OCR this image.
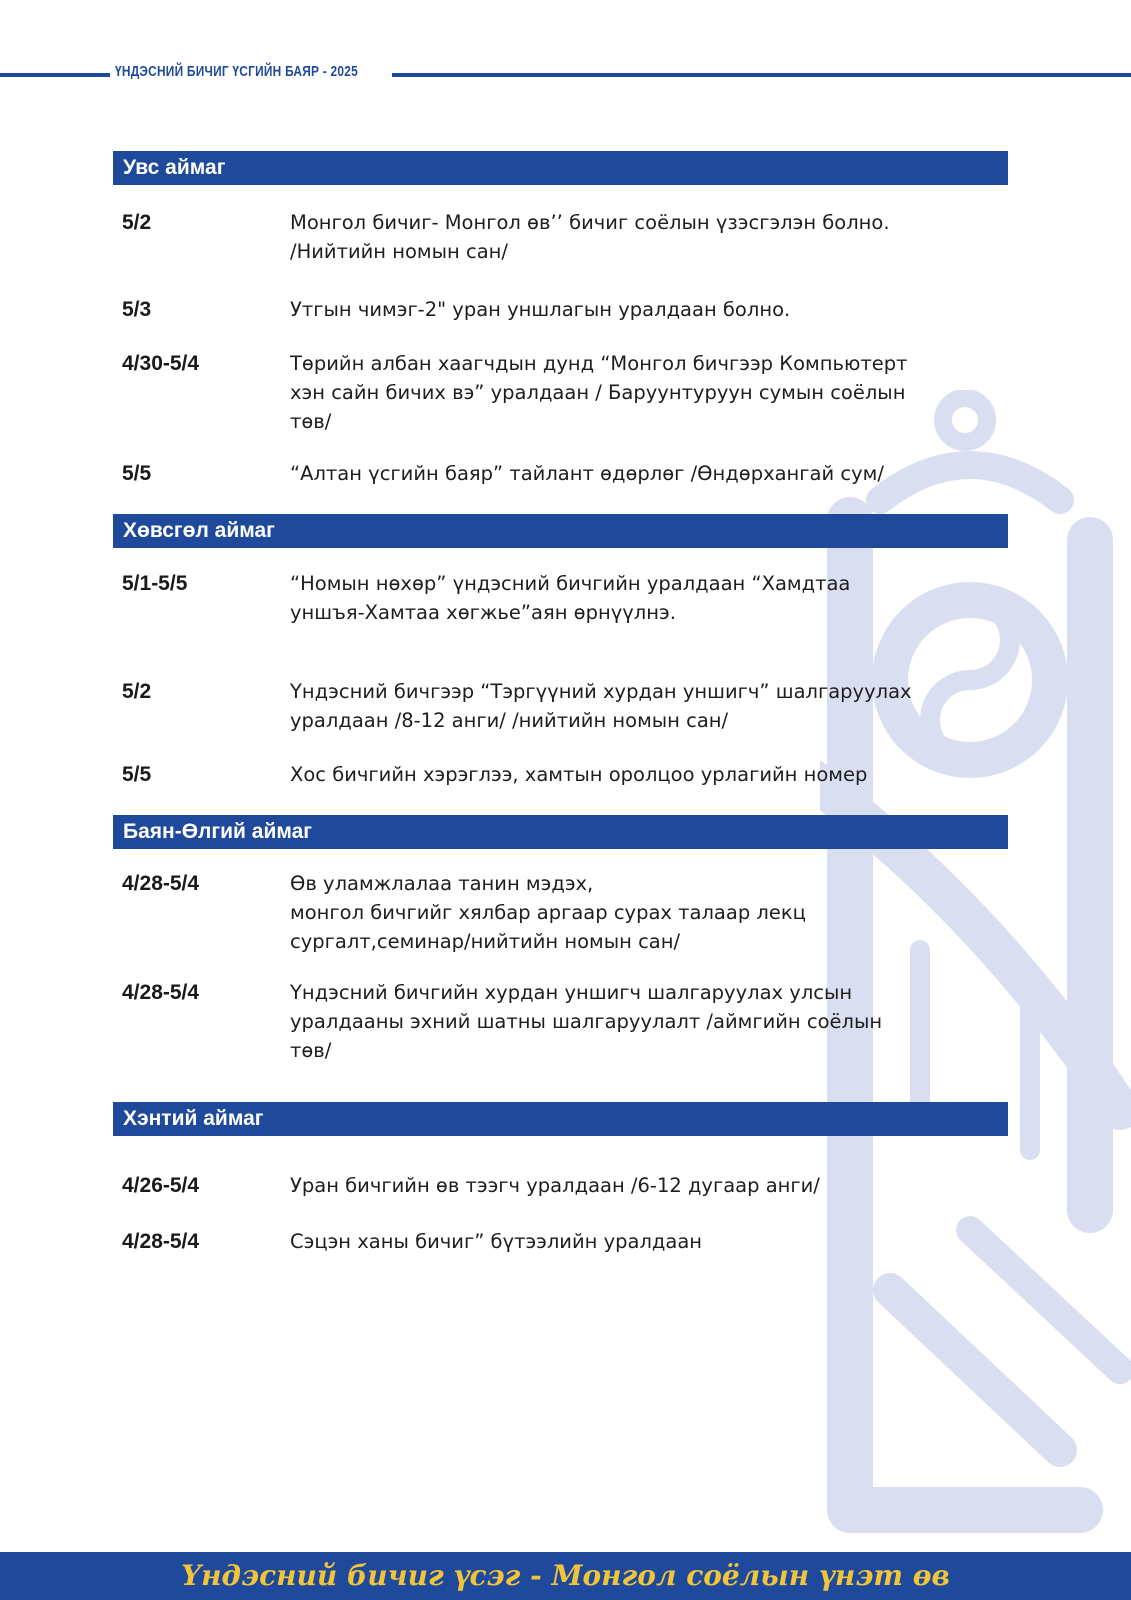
ҮНДЭСНИЙ БИЧИГ ҮСГИЙН БАЯР - 2025
Увс аймаг
5/2	Монгол бичиг- Монгол өв’’ бичиг соёлын үзэсгэлэн болно.
/Нийтийн номын сан/
5/3	Утгын чимэг-2" уран уншлагын уралдаан болно.
4/30-5/4	Төрийн албан хаагчдын дунд “Монгол бичгээр Компьютерт
хэн сайн бичих вэ” уралдаан / Баруунтуруун сумын соёлын
төв/
5/5	“Алтан үсгийн баяр” тайлант өдөрлөг /Өндөрхангай сум/
Хөвсгөл аймаг
5/1-5/5	“Номын нөхөр” үндэсний бичгийн уралдаан “Хамдтаа
уншъя-Хамтаа хөгжье”аян өрнүүлнэ.
5/2	Үндэсний бичгээр “Тэргүүний хурдан уншигч” шалгаруулах
уралдаан /8-12 анги/ /нийтийн номын сан/
5/5	Хос бичгийн хэрэглээ, хамтын оролцоо урлагийн номер
Баян-Өлгий аймаг
4/28-5/4	Өв уламжлалаа танин мэдэх,
монгол бичгийг хялбар аргаар сурах талаар лекц
сургалт,семинар/нийтийн номын сан/
4/28-5/4	Үндэсний бичгийн хурдан уншигч шалгаруулах улсын
уралдааны эхний шатны шалгаруулалт /аймгийн соёлын
төв/
Хэнтий аймаг
4/26-5/4	Уран бичгийн өв тээгч уралдаан /6-12 дугаар анги/
4/28-5/4	Сэцэн ханы бичиг” бүтээлийн уралдаан
Үндэсний бичиг үсэг - Монгол соёлын үнэт өв
